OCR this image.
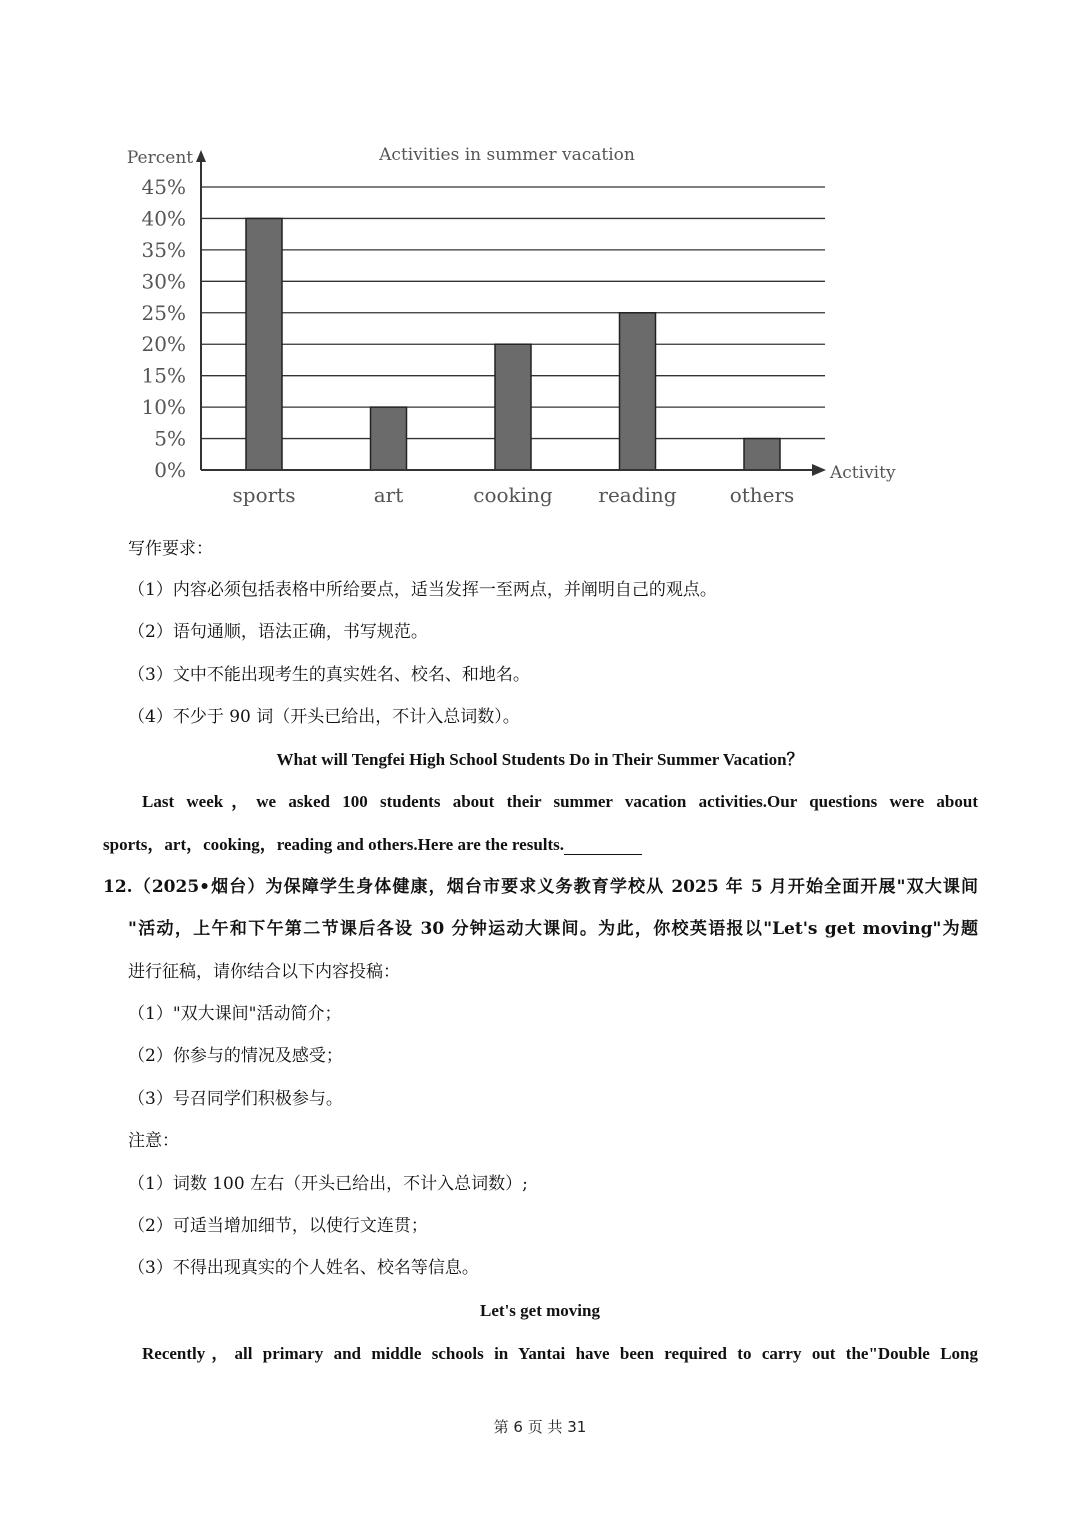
0%
5%
10%
15%
20%
25%
30%
35%
40%
45%
sports	art	cooking reading	others
Activities in summer vacation
Percent
Activity
写作要求：
（1）内容必须包括表格中所给要点，适当发挥一至两点，并阐明自己的观点。
（2）语句通顺，语法正确，书写规范。
（3）文中不能出现考生的真实姓名、校名、和地名。
（4）不少于 90 词（开头已给出，不计入总词数）。
What will Tengfei High School Students Do in Their Summer Vacation？
Last week，we asked 100 students about their summer vacation activities.Our questions were about
sports，art，cooking，reading and others.Here are the results.
12.（2025•烟台）为保障学生身体健康，烟台市要求义务教育学校从 2025 年 5 月开始全面开展"双大课间
"活动，上午和下午第二节课后各设 30 分钟运动大课间。为此，你校英语报以"Let's get moving"为题
进行征稿，请你结合以下内容投稿：
（1）"双大课间"活动简介；
（2）你参与的情况及感受；
（3）号召同学们积极参与。
注意：
（1）词数 100 左右（开头已给出，不计入总词数）;
（2）可适当增加细节，以使行文连贯；
（3）不得出现真实的个人姓名、校名等信息。
Let's get moving
Recently，all primary and middle schools in Yantai have been required to carry out the"Double Long
第 6 页 共 31
